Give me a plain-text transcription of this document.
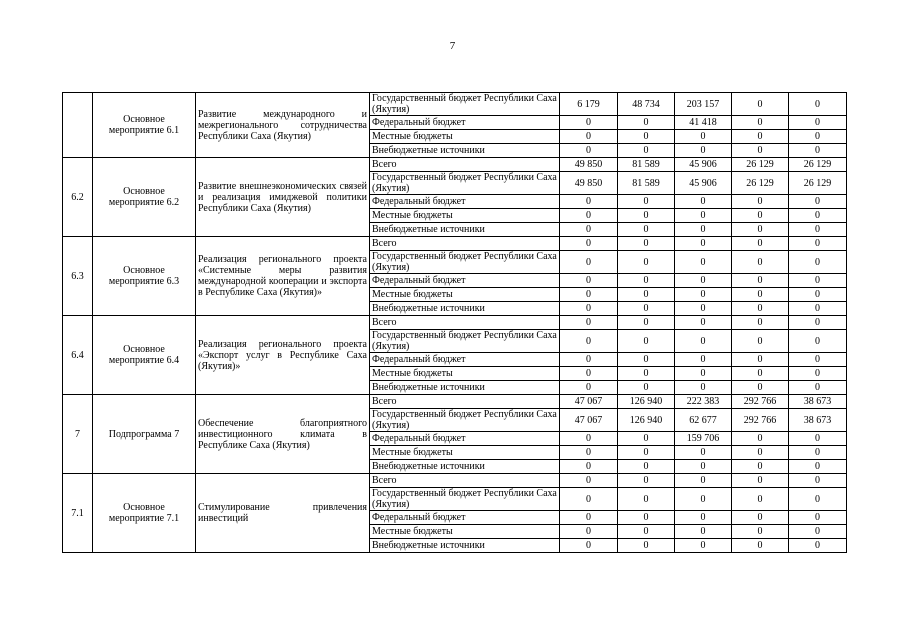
7
	Основное мероприятие 6.1	Развитие международного и межрегионального сотрудничества Республики Саха (Якутия)	Государственный бюджет Республики Саха (Якутия)	6 179	48 734	203 157	0	0
			Федеральный бюджет	0	0	41 418	0	0
			Местные бюджеты	0	0	0	0	0
			Внебюджетные источники	0	0	0	0	0
6.2	Основное мероприятие 6.2	Развитие внешнеэкономических связей и реализация имиджевой политики Республики Саха (Якутия)	Всего	49 850	81 589	45 906	26 129	26 129
			Государственный бюджет Республики Саха (Якутия)	49 850	81 589	45 906	26 129	26 129
			Федеральный бюджет	0	0	0	0	0
			Местные бюджеты	0	0	0	0	0
			Внебюджетные источники	0	0	0	0	0
6.3	Основное мероприятие 6.3	Реализация регионального проекта «Системные меры развития международной кооперации и экспорта в Республике Саха (Якутия)»	Всего	0	0	0	0	0
			Государственный бюджет Республики Саха (Якутия)	0	0	0	0	0
			Федеральный бюджет	0	0	0	0	0
			Местные бюджеты	0	0	0	0	0
			Внебюджетные источники	0	0	0	0	0
6.4	Основное мероприятие 6.4	Реализация регионального проекта «Экспорт услуг в Республике Саха (Якутия)»	Всего	0	0	0	0	0
			Государственный бюджет Республики Саха (Якутия)	0	0	0	0	0
			Федеральный бюджет	0	0	0	0	0
			Местные бюджеты	0	0	0	0	0
			Внебюджетные источники	0	0	0	0	0
7	Подпрограмма 7	Обеспечение благоприятного инвестиционного климата в Республике Саха (Якутия)	Всего	47 067	126 940	222 383	292 766	38 673
			Государственный бюджет Республики Саха (Якутия)	47 067	126 940	62 677	292 766	38 673
			Федеральный бюджет	0	0	159 706	0	0
			Местные бюджеты	0	0	0	0	0
			Внебюджетные источники	0	0	0	0	0
7.1	Основное мероприятие 7.1	Стимулирование привлечения инвестиций	Всего	0	0	0	0	0
			Государственный бюджет Республики Саха (Якутия)	0	0	0	0	0
			Федеральный бюджет	0	0	0	0	0
			Местные бюджеты	0	0	0	0	0
			Внебюджетные источники	0	0	0	0	0
